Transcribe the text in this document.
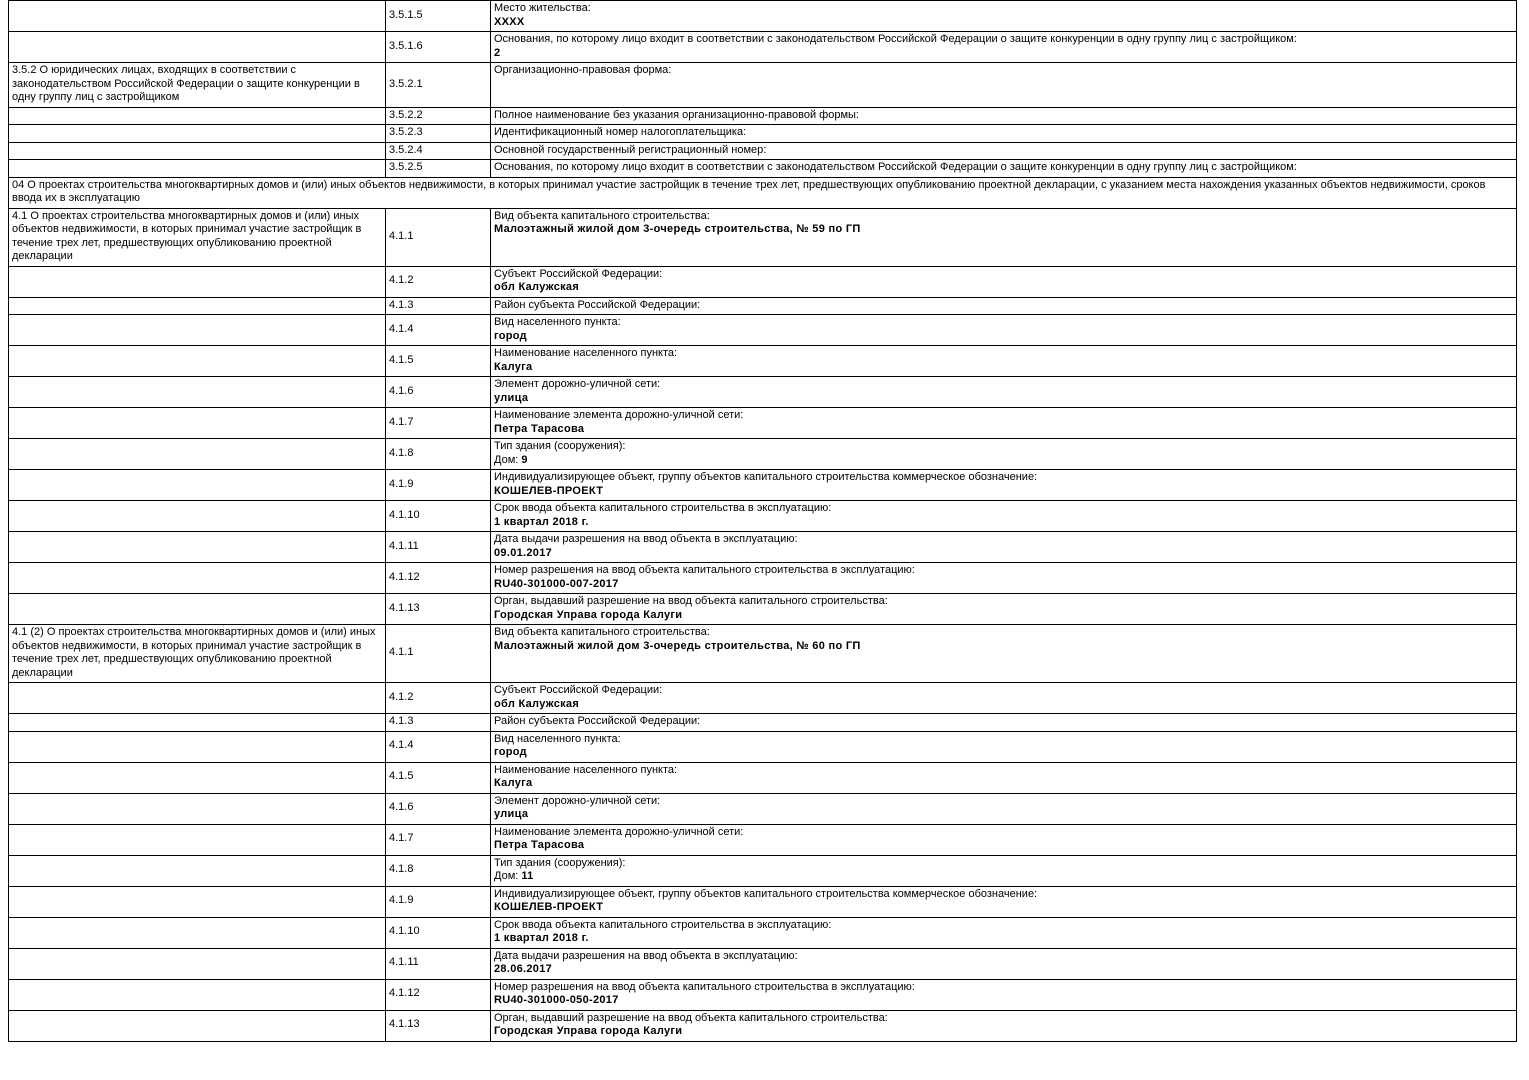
	3.5.1.5	Место жительства:
ХХХХ

	3.5.1.6	Основания, по которому лицо входит в соответствии с законодательством Российской Федерации о защите конкуренции в одну группу лиц с застройщиком:
2

3.5.2 О юридических лицах, входящих в соответствии с законодательством Российской Федерации о защите конкуренции в одну группу лиц с застройщиком	3.5.2.1	Организационно-правовая форма:

	3.5.2.2	Полное наименование без указания организационно-правовой формы:

	3.5.2.3	Идентификационный номер налогоплательщика:

	3.5.2.4	Основной государственный регистрационный номер:

	3.5.2.5	Основания, по которому лицо входит в соответствии с законодательством Российской Федерации о защите конкуренции в одну группу лиц с застройщиком:

04 О проектах строительства многоквартирных домов и (или) иных объектов недвижимости, в которых принимал участие застройщик в течение трех лет, предшествующих опубликованию проектной декларации, с указанием места нахождения указанных объектов недвижимости, сроков ввода их в эксплуатацию		
4.1 О проектах строительства многоквартирных домов и (или) иных объектов недвижимости, в которых принимал участие застройщик в течение трех лет, предшествующих опубликованию проектной декларации	4.1.1	Вид объекта капитального строительства:
Малоэтажный жилой дом 3-очередь строительства, № 59 по ГП

	4.1.2	Субъект Российской Федерации:
обл Калужская

	4.1.3	Район субъекта Российской Федерации:

	4.1.4	Вид населенного пункта:
город

	4.1.5	Наименование населенного пункта:
Калуга

	4.1.6	Элемент дорожно-уличной сети:
улица

	4.1.7	Наименование элемента дорожно-уличной сети:
Петра Тарасова

	4.1.8	Тип здания (сооружения):
Дом: 9

	4.1.9	Индивидуализирующее объект, группу объектов капитального строительства коммерческое обозначение:
КОШЕЛЕВ-ПРОЕКТ

	4.1.10	Срок ввода объекта капитального строительства в эксплуатацию:
1 квартал 2018 г.

	4.1.11	Дата выдачи разрешения на ввод объекта в эксплуатацию:
09.01.2017

	4.1.12	Номер разрешения на ввод объекта капитального строительства в эксплуатацию:
RU40-301000-007-2017

	4.1.13	Орган, выдавший разрешение на ввод объекта капитального строительства:
Городская Управа города Калуги

4.1 (2) О проектах строительства многоквартирных домов и (или) иных объектов недвижимости, в которых принимал участие застройщик в течение трех лет, предшествующих опубликованию проектной декларации	4.1.1	Вид объекта капитального строительства:
Малоэтажный жилой дом 3-очередь строительства, № 60 по ГП

	4.1.2	Субъект Российской Федерации:
обл Калужская

	4.1.3	Район субъекта Российской Федерации:

	4.1.4	Вид населенного пункта:
город

	4.1.5	Наименование населенного пункта:
Калуга

	4.1.6	Элемент дорожно-уличной сети:
улица

	4.1.7	Наименование элемента дорожно-уличной сети:
Петра Тарасова

	4.1.8	Тип здания (сооружения):
Дом: 11

	4.1.9	Индивидуализирующее объект, группу объектов капитального строительства коммерческое обозначение:
КОШЕЛЕВ-ПРОЕКТ

	4.1.10	Срок ввода объекта капитального строительства в эксплуатацию:
1 квартал 2018 г.

	4.1.11	Дата выдачи разрешения на ввод объекта в эксплуатацию:
28.06.2017

	4.1.12	Номер разрешения на ввод объекта капитального строительства в эксплуатацию:
RU40-301000-050-2017

	4.1.13	Орган, выдавший разрешение на ввод объекта капитального строительства:
Городская Управа города Калуги
